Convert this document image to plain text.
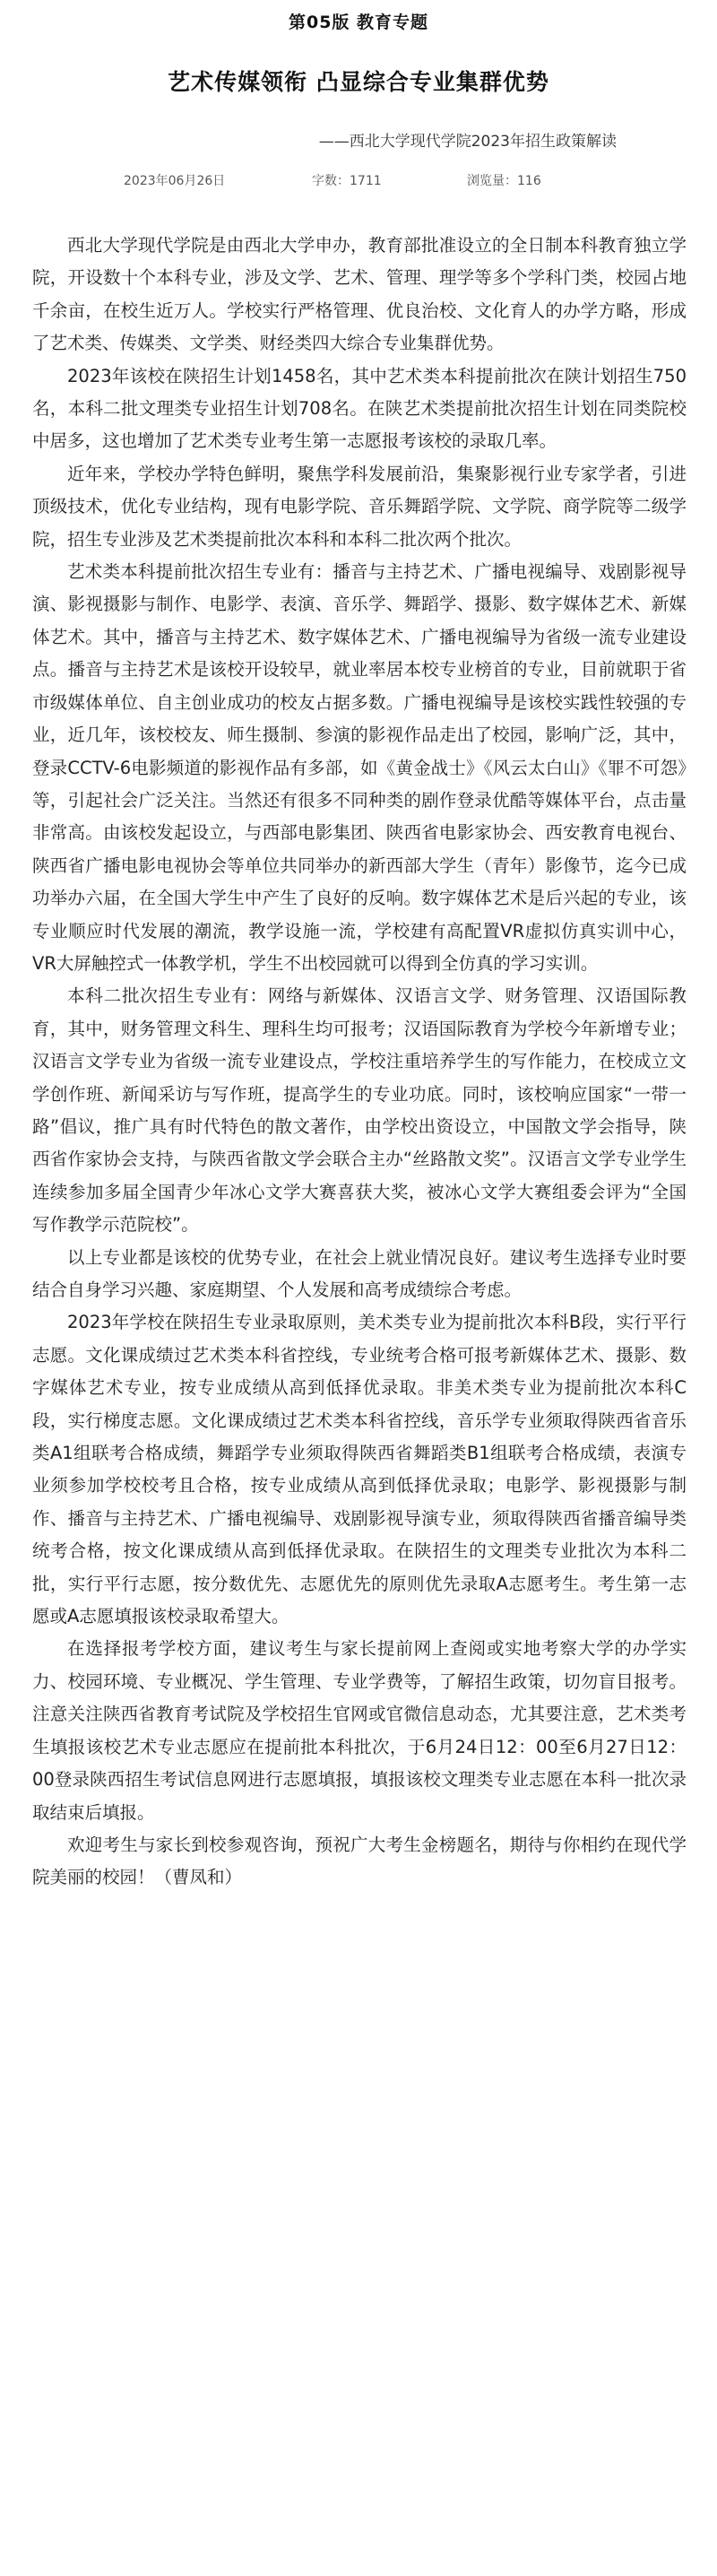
第05版 教育专题
艺术传媒领衔 凸显综合专业集群优势
——西北大学现代学院2023年招生政策解读
2023年06月26日	字数：1711	浏览量：116

西北大学现代学院是由西北大学申办，教育部批准设立的全日制本科教育独立学院，开设数十个本科专业，涉及文学、艺术、管理、理学等多个学科门类，校园占地千余亩，在校生近万人。学校实行严格管理、优良治校、文化育人的办学方略，形成了艺术类、传媒类、文学类、财经类四大综合专业集群优势。

2023年该校在陕招生计划1458名，其中艺术类本科提前批次在陕计划招生750名，本科二批文理类专业招生计划708名。在陕艺术类提前批次招生计划在同类院校中居多，这也增加了艺术类专业考生第一志愿报考该校的录取几率。

近年来，学校办学特色鲜明，聚焦学科发展前沿，集聚影视行业专家学者，引进顶级技术，优化专业结构，现有电影学院、音乐舞蹈学院、文学院、商学院等二级学院，招生专业涉及艺术类提前批次本科和本科二批次两个批次。

艺术类本科提前批次招生专业有：播音与主持艺术、广播电视编导、戏剧影视导演、影视摄影与制作、电影学、表演、音乐学、舞蹈学、摄影、数字媒体艺术、新媒体艺术。其中，播音与主持艺术、数字媒体艺术、广播电视编导为省级一流专业建设点。播音与主持艺术是该校开设较早，就业率居本校专业榜首的专业，目前就职于省市级媒体单位、自主创业成功的校友占据多数。广播电视编导是该校实践性较强的专业，近几年，该校校友、师生摄制、参演的影视作品走出了校园，影响广泛，其中，登录CCTV-6电影频道的影视作品有多部，如《黄金战士》《风云太白山》《罪不可怨》等，引起社会广泛关注。当然还有很多不同种类的剧作登录优酷等媒体平台，点击量非常高。由该校发起设立，与西部电影集团、陕西省电影家协会、西安教育电视台、陕西省广播电影电视协会等单位共同举办的新西部大学生（青年）影像节，迄今已成功举办六届，在全国大学生中产生了良好的反响。数字媒体艺术是后兴起的专业，该专业顺应时代发展的潮流，教学设施一流，学校建有高配置VR虚拟仿真实训中心，VR大屏触控式一体教学机，学生不出校园就可以得到全仿真的学习实训。

本科二批次招生专业有：网络与新媒体、汉语言文学、财务管理、汉语国际教育，其中，财务管理文科生、理科生均可报考；汉语国际教育为学校今年新增专业；汉语言文学专业为省级一流专业建设点，学校注重培养学生的写作能力，在校成立文学创作班、新闻采访与写作班，提高学生的专业功底。同时，该校响应国家“一带一路”倡议，推广具有时代特色的散文著作，由学校出资设立，中国散文学会指导，陕西省作家协会支持，与陕西省散文学会联合主办“丝路散文奖”。汉语言文学专业学生连续参加多届全国青少年冰心文学大赛喜获大奖，被冰心文学大赛组委会评为“全国写作教学示范院校”。

以上专业都是该校的优势专业，在社会上就业情况良好。建议考生选择专业时要结合自身学习兴趣、家庭期望、个人发展和高考成绩综合考虑。

2023年学校在陕招生专业录取原则，美术类专业为提前批次本科B段，实行平行志愿。文化课成绩过艺术类本科省控线，专业统考合格可报考新媒体艺术、摄影、数字媒体艺术专业，按专业成绩从高到低择优录取。非美术类专业为提前批次本科C段，实行梯度志愿。文化课成绩过艺术类本科省控线，音乐学专业须取得陕西省音乐类A1组联考合格成绩，舞蹈学专业须取得陕西省舞蹈类B1组联考合格成绩，表演专业须参加学校校考且合格，按专业成绩从高到低择优录取；电影学、影视摄影与制作、播音与主持艺术、广播电视编导、戏剧影视导演专业，须取得陕西省播音编导类统考合格，按文化课成绩从高到低择优录取。在陕招生的文理类专业批次为本科二批，实行平行志愿，按分数优先、志愿优先的原则优先录取A志愿考生。考生第一志愿或A志愿填报该校录取希望大。

在选择报考学校方面，建议考生与家长提前网上查阅或实地考察大学的办学实力、校园环境、专业概况、学生管理、专业学费等，了解招生政策，切勿盲目报考。注意关注陕西省教育考试院及学校招生官网或官微信息动态，尤其要注意，艺术类考生填报该校艺术专业志愿应在提前批本科批次，于6月24日12：00至6月27日12：00登录陕西招生考试信息网进行志愿填报，填报该校文理类专业志愿在本科一批次录取结束后填报。

欢迎考生与家长到校参观咨询，预祝广大考生金榜题名，期待与你相约在现代学院美丽的校园！（曹凤和）
